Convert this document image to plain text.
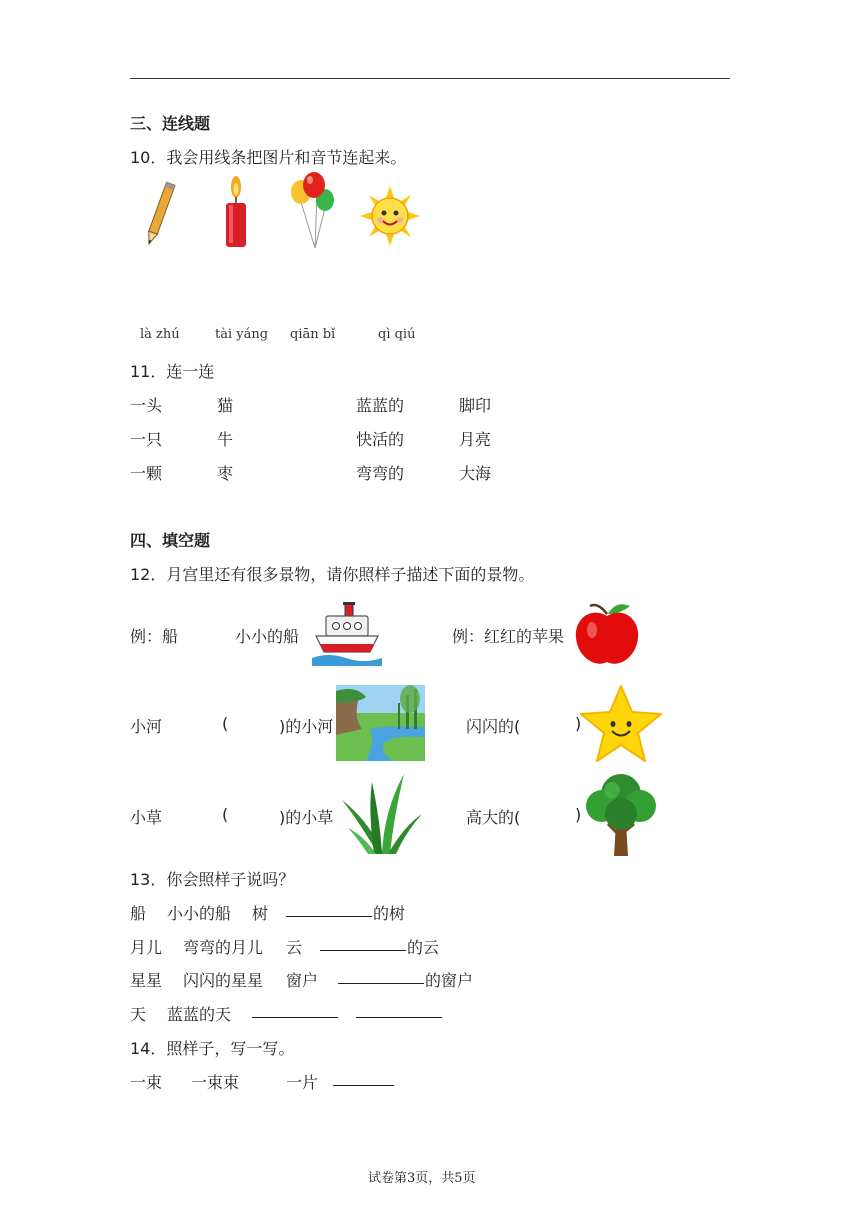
三、连线题
10．我会用线条把图片和音节连起来。
là zhú	tài yáng qiān bǐ	qì qiú
11．连一连
一头	猫	蓝蓝的	脚印
一只	牛	快活的	月亮
一颗	枣	弯弯的	大海
四、填空题
12．月宫里还有很多景物，请你照样子描述下面的景物。
例：船	小小的船	例：红红的苹果
小河	(	)的小河	闪闪的(	)
小草	(	)的小草	高大的(	)
13．你会照样子说吗？
船 小小的船 树	的树
月儿 弯弯的月儿 云	的云
星星 闪闪的星星 窗户	的窗户
天 蓝蓝的天
14．照样子，写一写。
一束 一束束	一片
试卷第3页，共5页
